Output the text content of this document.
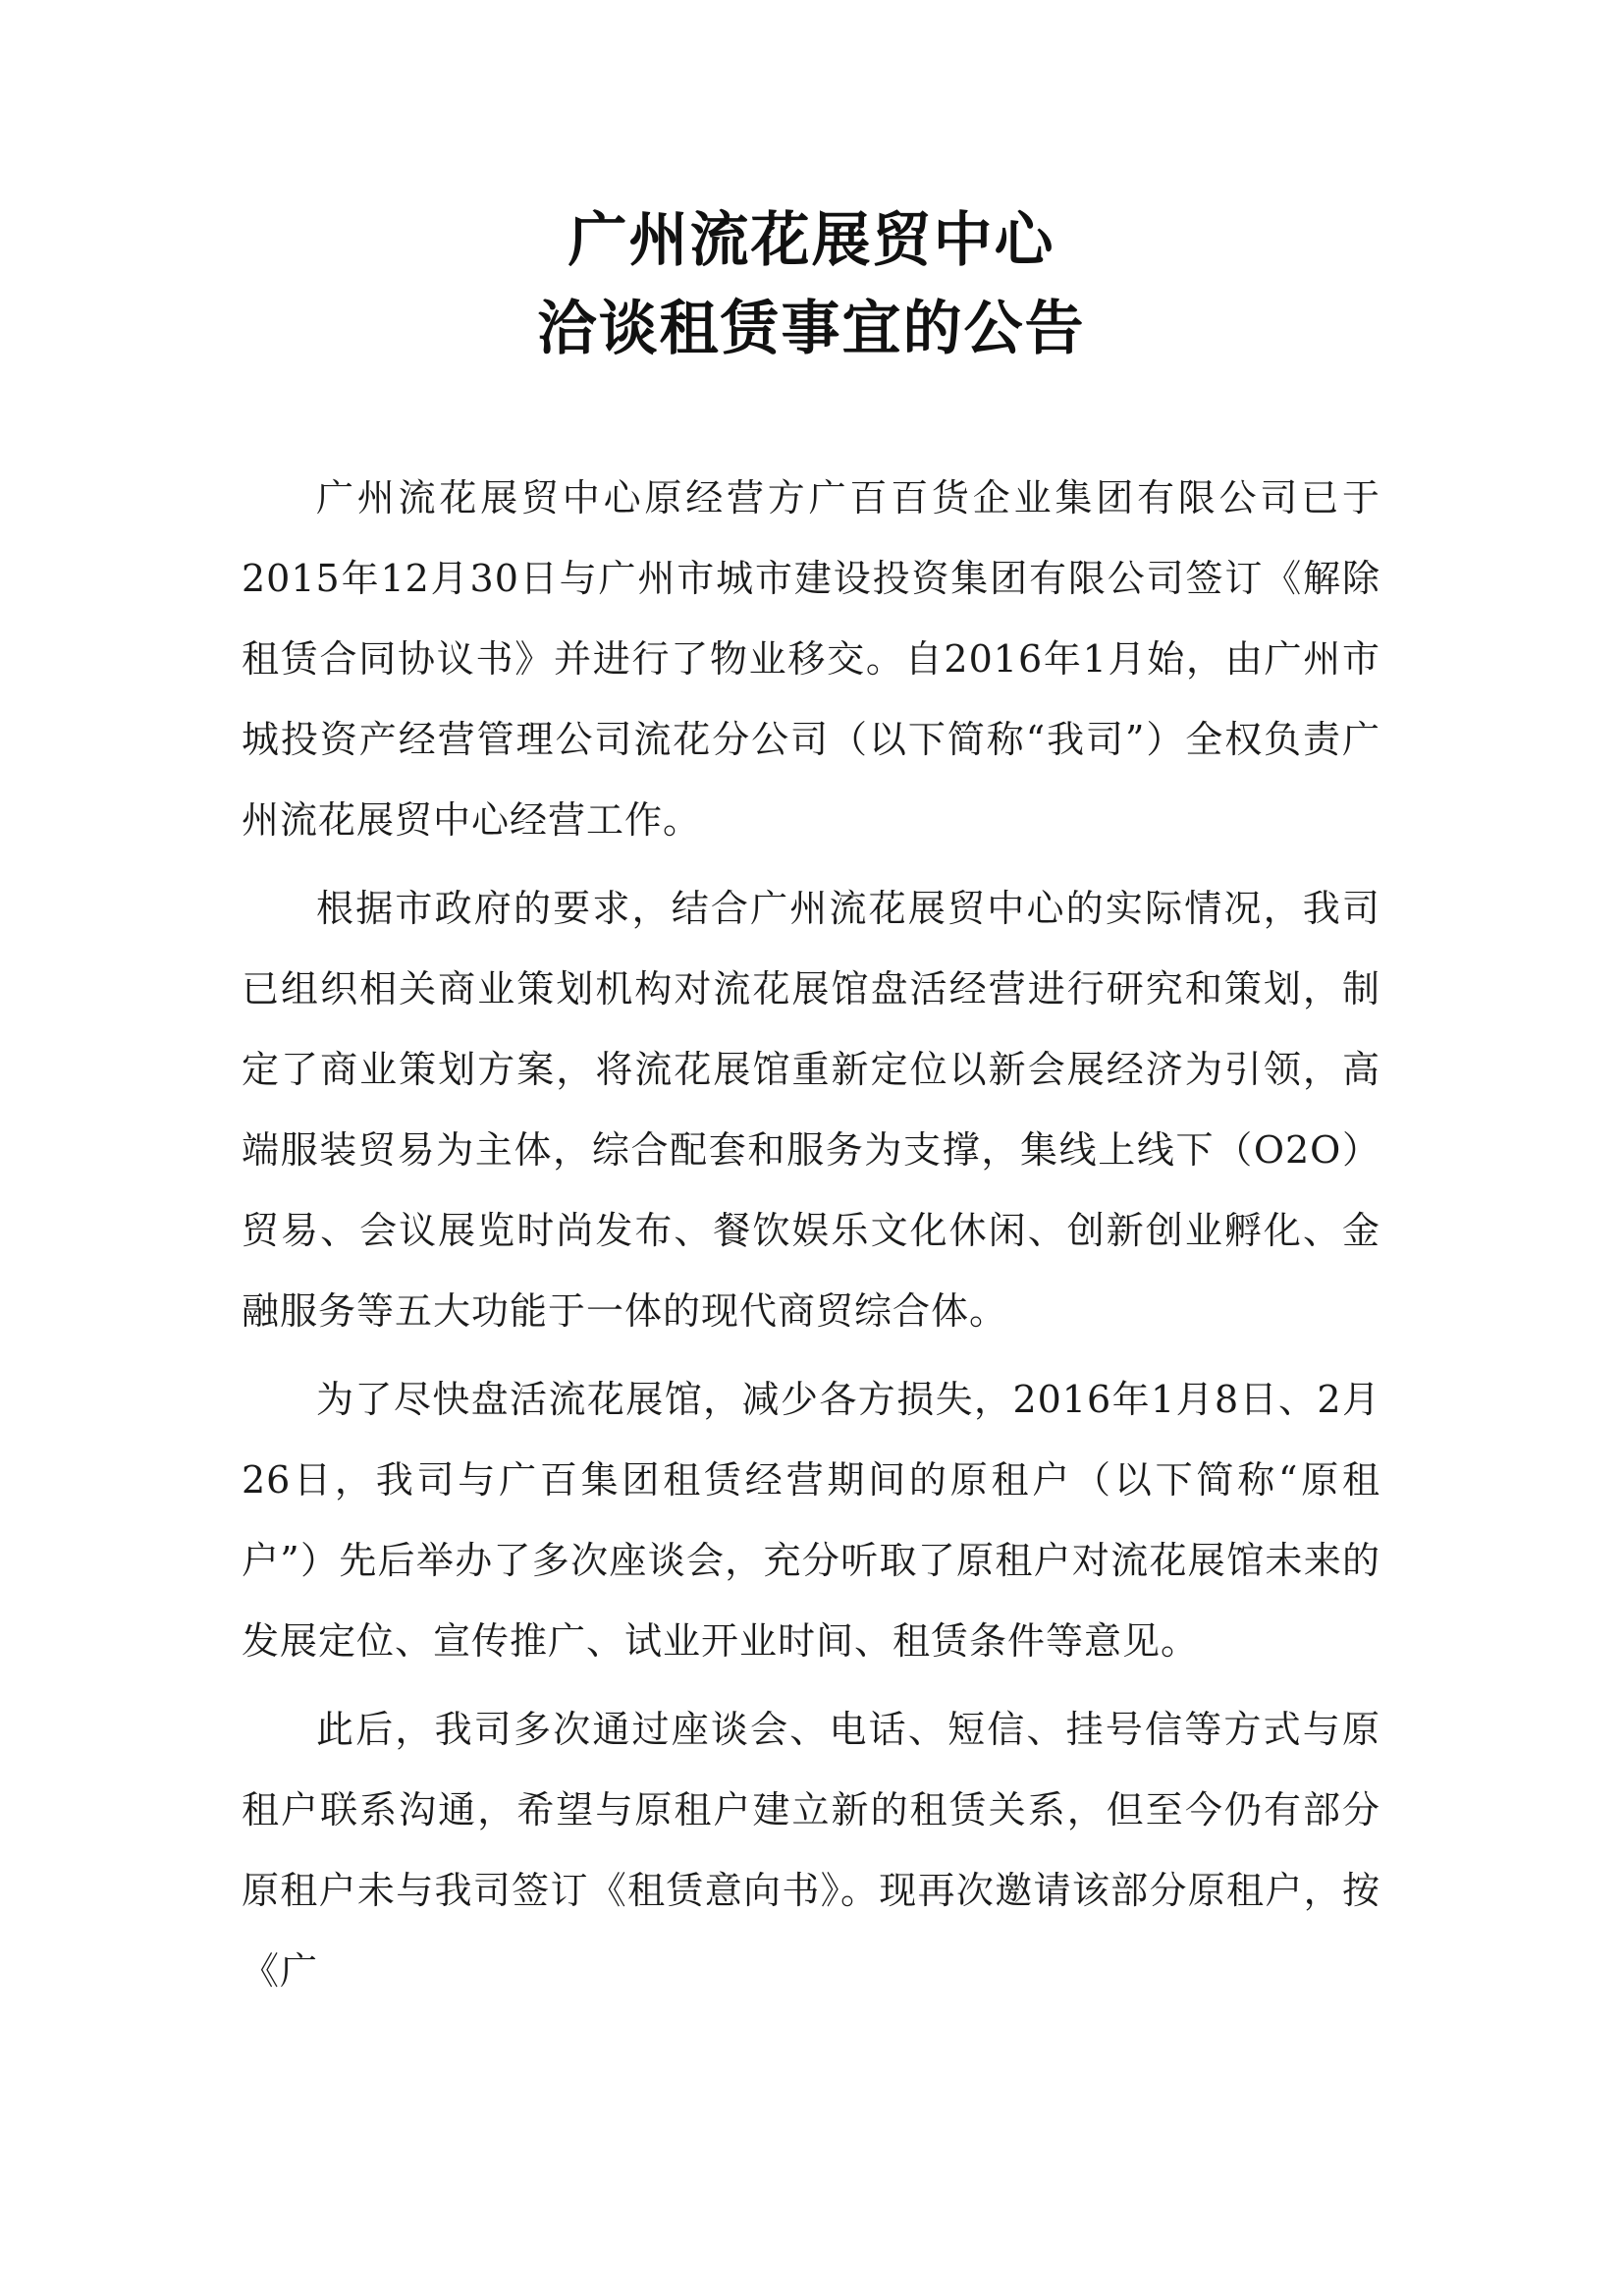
广州流花展贸中心
洽谈租赁事宜的公告

广州流花展贸中心原经营方广百百货企业集团有限公司已于2015年12月30日与广州市城市建设投资集团有限公司签订《解除租赁合同协议书》并进行了物业移交。自2016年1月始，由广州市城投资产经营管理公司流花分公司（以下简称“我司”）全权负责广州流花展贸中心经营工作。

根据市政府的要求，结合广州流花展贸中心的实际情况，我司已组织相关商业策划机构对流花展馆盘活经营进行研究和策划，制定了商业策划方案，将流花展馆重新定位以新会展经济为引领，高端服装贸易为主体，综合配套和服务为支撑，集线上线下（O2O）贸易、会议展览时尚发布、餐饮娱乐文化休闲、创新创业孵化、金融服务等五大功能于一体的现代商贸综合体。

为了尽快盘活流花展馆，减少各方损失，2016年1月8日、2月26日，我司与广百集团租赁经营期间的原租户（以下简称“原租户”）先后举办了多次座谈会，充分听取了原租户对流花展馆未来的发展定位、宣传推广、试业开业时间、租赁条件等意见。

此后，我司多次通过座谈会、电话、短信、挂号信等方式与原租户联系沟通，希望与原租户建立新的租赁关系，但至今仍有部分原租户未与我司签订《租赁意向书》。现再次邀请该部分原租户，按《广
